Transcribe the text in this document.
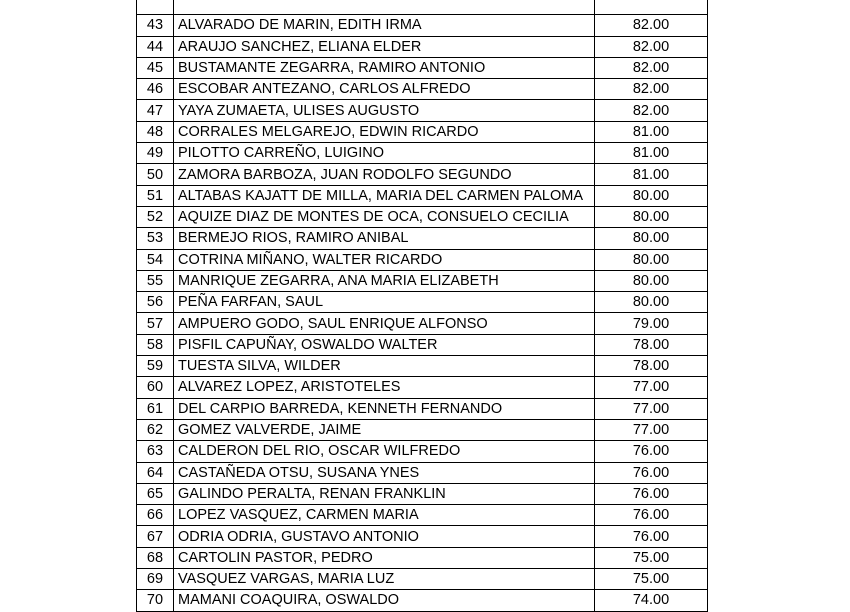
43	ALVARADO DE MARIN, EDITH IRMA	82.00
44	ARAUJO SANCHEZ, ELIANA ELDER	82.00
45	BUSTAMANTE ZEGARRA, RAMIRO ANTONIO	82.00
46	ESCOBAR ANTEZANO, CARLOS ALFREDO	82.00
47	YAYA ZUMAETA, ULISES AUGUSTO	82.00
48	CORRALES MELGAREJO, EDWIN RICARDO	81.00
49	PILOTTO CARREÑO, LUIGINO	81.00
50	ZAMORA BARBOZA, JUAN RODOLFO SEGUNDO	81.00
51	ALTABAS KAJATT DE MILLA, MARIA DEL CARMEN PALOMA	80.00
52	AQUIZE DIAZ DE MONTES DE OCA, CONSUELO CECILIA	80.00
53	BERMEJO RIOS, RAMIRO ANIBAL	80.00
54	COTRINA MIÑANO, WALTER RICARDO	80.00
55	MANRIQUE ZEGARRA, ANA MARIA ELIZABETH	80.00
56	PEÑA FARFAN, SAUL	80.00
57	AMPUERO GODO, SAUL ENRIQUE ALFONSO	79.00
58	PISFIL CAPUÑAY, OSWALDO WALTER	78.00
59	TUESTA SILVA, WILDER	78.00
60	ALVAREZ LOPEZ, ARISTOTELES	77.00
61	DEL CARPIO BARREDA, KENNETH FERNANDO	77.00
62	GOMEZ VALVERDE, JAIME	77.00
63	CALDERON DEL RIO, OSCAR WILFREDO	76.00
64	CASTAÑEDA OTSU, SUSANA YNES	76.00
65	GALINDO PERALTA, RENAN FRANKLIN	76.00
66	LOPEZ VASQUEZ, CARMEN MARIA	76.00
67	ODRIA ODRIA, GUSTAVO ANTONIO	76.00
68	CARTOLIN PASTOR, PEDRO	75.00
69	VASQUEZ VARGAS, MARIA LUZ	75.00
70	MAMANI COAQUIRA, OSWALDO	74.00
